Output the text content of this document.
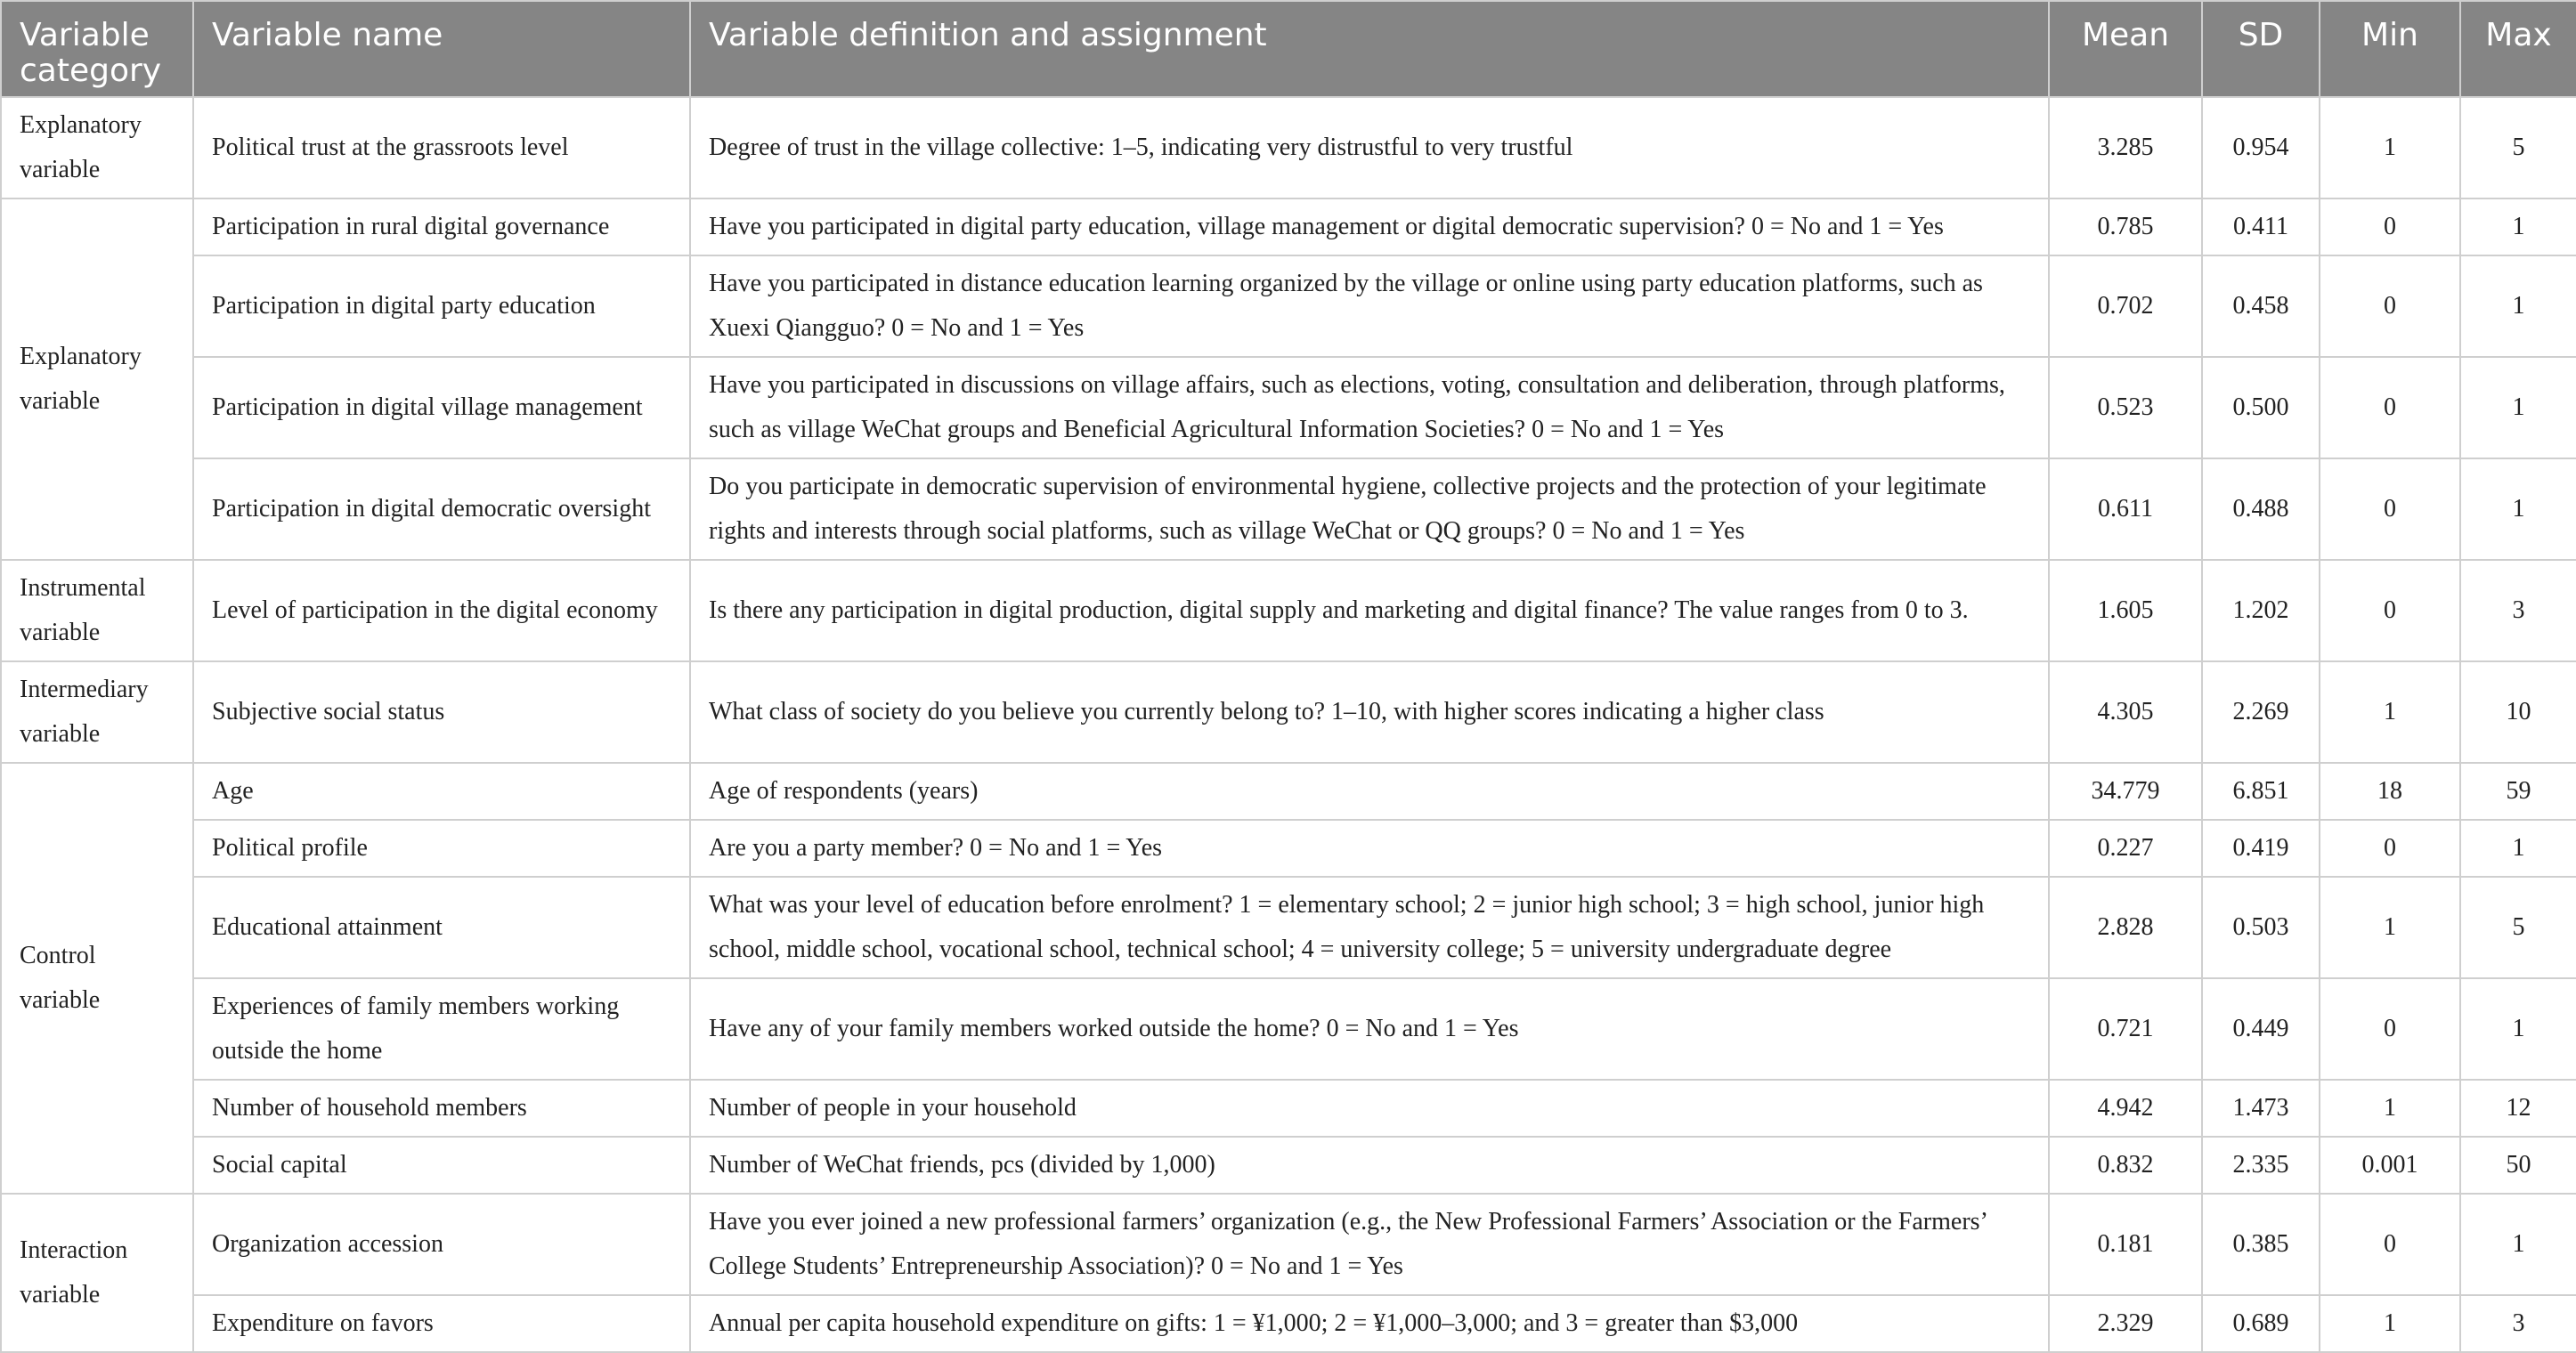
Variable category	Variable name	Variable definition and assignment	Mean	SD	Min	Max
Explanatory variable	Political trust at the grassroots level	Degree of trust in the village collective: 1–5, indicating very distrustful to very trustful	3.285	0.954	1	5
Explanatory variable	Participation in rural digital governance	Have you participated in digital party education, village management or digital democratic supervision? 0 = No and 1 = Yes	0.785	0.411	0	1
	Participation in digital party education	Have you participated in distance education learning organized by the village or online using party education platforms, such as Xuexi Qiangguo? 0 = No and 1 = Yes	0.702	0.458	0	1
	Participation in digital village management	Have you participated in discussions on village affairs, such as elections, voting, consultation and deliberation, through platforms, such as village WeChat groups and Beneficial Agricultural Information Societies? 0 = No and 1 = Yes	0.523	0.500	0	1
	Participation in digital democratic oversight	Do you participate in democratic supervision of environmental hygiene, collective projects and the protection of your legitimate rights and interests through social platforms, such as village WeChat or QQ groups? 0 = No and 1 = Yes	0.611	0.488	0	1
Instrumental variable	Level of participation in the digital economy	Is there any participation in digital production, digital supply and marketing and digital finance? The value ranges from 0 to 3.	1.605	1.202	0	3
Intermediary variable	Subjective social status	What class of society do you believe you currently belong to? 1–10, with higher scores indicating a higher class	4.305	2.269	1	10
Control variable	Age	Age of respondents (years)	34.779	6.851	18	59
	Political profile	Are you a party member? 0 = No and 1 = Yes	0.227	0.419	0	1
	Educational attainment	What was your level of education before enrolment? 1 = elementary school; 2 = junior high school; 3 = high school, junior high school, middle school, vocational school, technical school; 4 = university college; 5 = university undergraduate degree	2.828	0.503	1	5
	Experiences of family members working outside the home	Have any of your family members worked outside the home? 0 = No and 1 = Yes	0.721	0.449	0	1
	Number of household members	Number of people in your household	4.942	1.473	1	12
	Social capital	Number of WeChat friends, pcs (divided by 1,000)	0.832	2.335	0.001	50
Interaction variable	Organization accession	Have you ever joined a new professional farmers’ organization (e.g., the New Professional Farmers’ Association or the Farmers’ College Students’ Entrepreneurship Association)? 0 = No and 1 = Yes	0.181	0.385	0	1
	Expenditure on favors	Annual per capita household expenditure on gifts: 1 = ¥1,000; 2 = ¥1,000–3,000; and 3 = greater than $3,000	2.329	0.689	1	3
